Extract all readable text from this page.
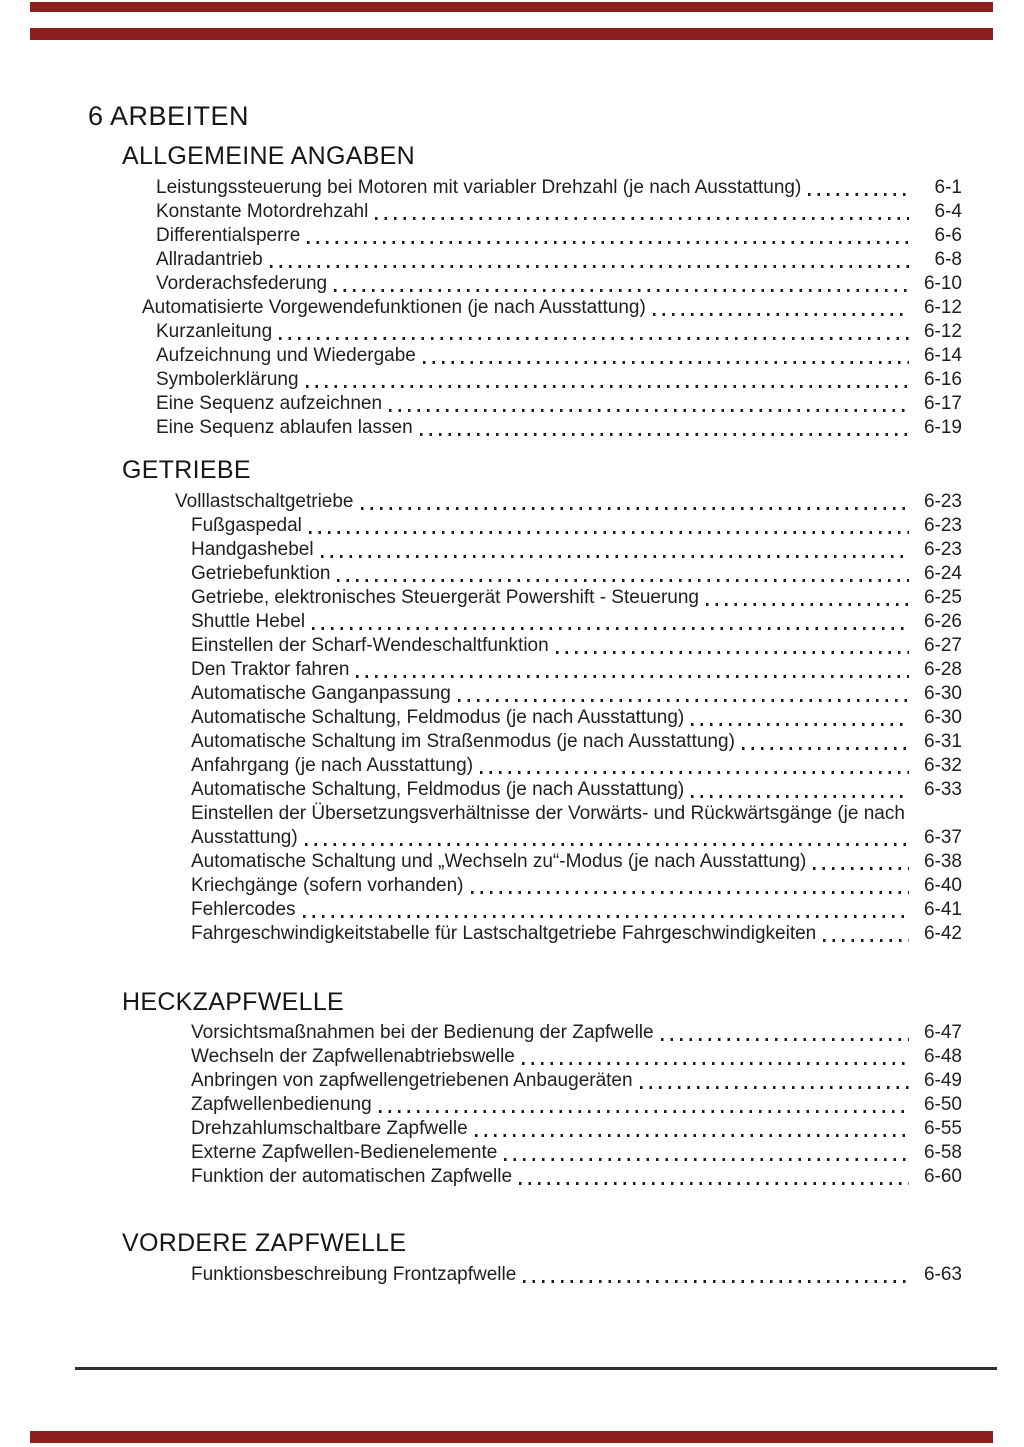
6 ARBEITEN
ALLGEMEINE ANGABEN
Leistungssteuerung bei Motoren mit variabler Drehzahl (je nach Ausstattung)	6-1
Konstante Motordrehzahl	6-4
Differentialsperre	6-6
Allradantrieb	6-8
Vorderachsfederung	6-10
Automatisierte Vorgewendefunktionen (je nach Ausstattung)	6-12
Kurzanleitung	6-12
Aufzeichnung und Wiedergabe	6-14
Symbolerklärung	6-16
Eine Sequenz aufzeichnen	6-17
Eine Sequenz ablaufen lassen	6-19
GETRIEBE
Volllastschaltgetriebe	6-23
Fußgaspedal	6-23
Handgashebel	6-23
Getriebefunktion	6-24
Getriebe, elektronisches Steuergerät Powershift - Steuerung	6-25
Shuttle Hebel	6-26
Einstellen der Scharf-Wendeschaltfunktion	6-27
Den Traktor fahren	6-28
Automatische Ganganpassung	6-30
Automatische Schaltung, Feldmodus (je nach Ausstattung)	6-30
Automatische Schaltung im Straßenmodus (je nach Ausstattung)	6-31
Anfahrgang (je nach Ausstattung)	6-32
Automatische Schaltung, Feldmodus (je nach Ausstattung)	6-33
Einstellen der Übersetzungsverhältnisse der Vorwärts- und Rückwärtsgänge (je nach
Ausstattung)	6-37
Automatische Schaltung und „Wechseln zu“-Modus (je nach Ausstattung)	6-38
Kriechgänge (sofern vorhanden)	6-40
Fehlercodes	6-41
Fahrgeschwindigkeitstabelle für Lastschaltgetriebe Fahrgeschwindigkeiten	6-42
HECKZAPFWELLE
Vorsichtsmaßnahmen bei der Bedienung der Zapfwelle	6-47
Wechseln der Zapfwellenabtriebswelle	6-48
Anbringen von zapfwellengetriebenen Anbaugeräten	6-49
Zapfwellenbedienung	6-50
Drehzahlumschaltbare Zapfwelle	6-55
Externe Zapfwellen-Bedienelemente	6-58
Funktion der automatischen Zapfwelle	6-60
VORDERE ZAPFWELLE
Funktionsbeschreibung Frontzapfwelle	6-63
